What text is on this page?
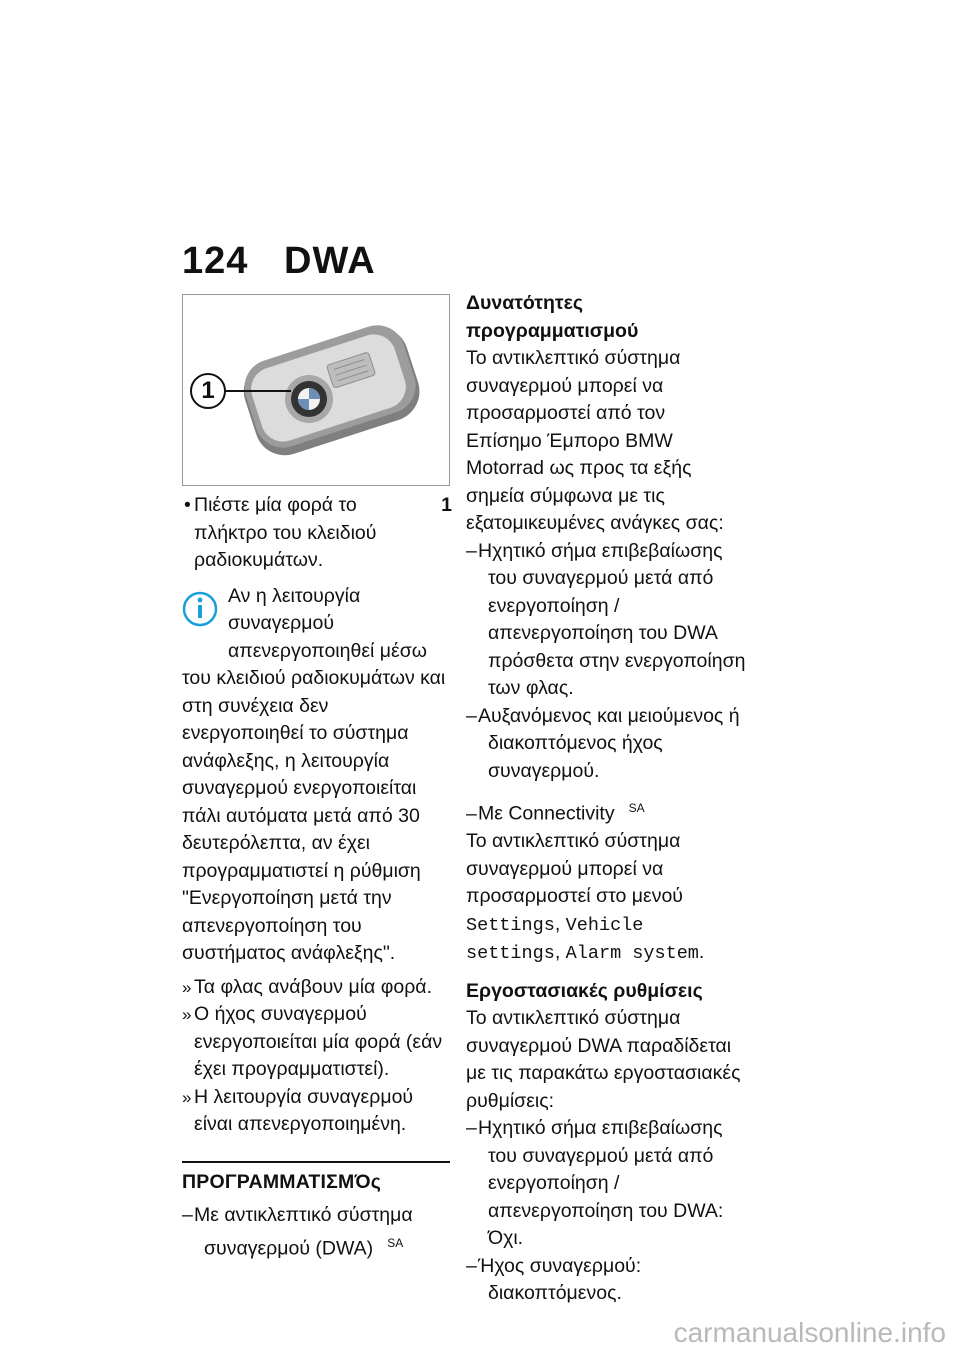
124 DWA
1
•	1
Πιέστε μία φορά το πλήκτρο του κλειδιού ραδιοκυμάτων.

Αν η λειτουργία συναγερμού απενεργοποιηθεί μέσω του κλειδιού ραδιοκυμάτων και στη συνέχεια δεν ενεργοποιηθεί το σύστημα ανάφλεξης, η λειτουργία συναγερμού ενεργοποιείται πάλι αυτόματα μετά από 30 δευτερόλεπτα, αν έχει προγραμματιστεί η ρύθμιση "Ενεργοποίηση μετά την απενεργοποίηση του συστήματος ανάφλεξης".

» Τα φλας ανάβουν μία φορά.
» Ο ήχος συναγερμού ενεργοποιείται μία φορά (εάν έχει προγραμματιστεί).
» Η λειτουργία συναγερμού είναι απενεργοποιημένη.
ΠΡΟΓΡΑΜΜΑΤΙΣΜΌς
–Με αντικλεπτικό σύστημα συναγερμού (DWA) $^{SA}$
Δυνατότητες προγραμματισμού

Το αντικλεπτικό σύστημα συναγερμού μπορεί να προσαρμοστεί από τον Επίσημο Έμπορο BMW Motorrad ως προς τα εξής σημεία σύμφωνα με τις εξατομικευμένες ανάγκες σας:

–Ηχητικό σήμα επιβεβαίωσης του συναγερμού μετά από ενεργοποίηση / απενεργοποίηση του DWA πρόσθετα στην ενεργοποίηση των φλας.
–Αυξανόμενος και μειούμενος ή διακοπτόμενος ήχος συναγερμού.
–Με Connectivity $^{SA}$

Το αντικλεπτικό σύστημα συναγερμού μπορεί να προσαρμοστεί στο μενού Settings, Vehicle settings, Alarm system.

Εργοστασιακές ρυθμίσεις

Το αντικλεπτικό σύστημα συναγερμού DWA παραδίδεται με τις παρακάτω εργοστασιακές ρυθμίσεις:

–Ηχητικό σήμα επιβεβαίωσης του συναγερμού μετά από ενεργοποίηση / απενεργοποίηση του DWA: Όχι.
–Ήχος συναγερμού: διακοπτόμενος.
carmanualsonline.info
